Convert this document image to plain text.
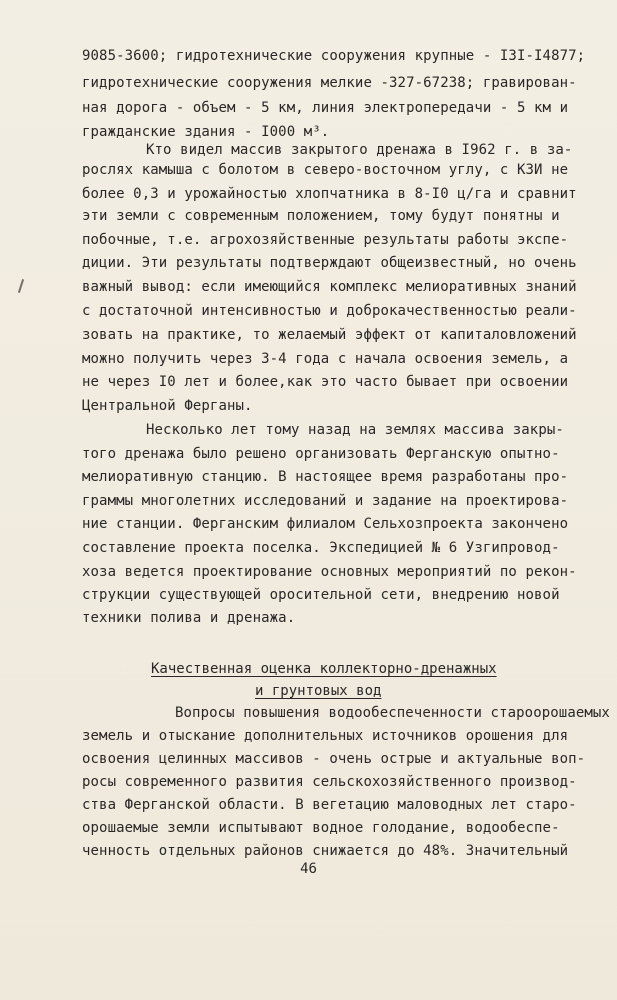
9085-3600; гидротехнические сооружения крупные - I3I-I4877;
гидротехнические сооружения мелкие -327-67238; гравирован-
ная дорога - объем - 5 км, линия электропередачи - 5 км и
гражданские здания - I000 м³.
Кто видел массив закрытого дренажа в I962 г. в за-
рослях камыша с болотом в северо-восточном углу, с КЗИ не
более 0,3 и урожайностью хлопчатника в 8-I0 ц/га и сравнит
эти земли с современным положением, тому будут понятны и
побочные, т.е. агрохозяйственные результаты работы экспе-
диции. Эти результаты подтверждают общеизвестный, но очень
важный вывод: если имеющийся комплекс мелиоративных знаний
с достаточной интенсивностью и доброкачественностью реали-
зовать на практике, то желаемый эффект от капиталовложений
можно получить через 3-4 года с начала освоения земель, а
не через I0 лет и более,как это часто бывает при освоении
Центральной Ферганы.
Несколько лет тому назад на землях массива закры-
того дренажа было решено организовать Ферганскую опытно-
мелиоративную станцию. В настоящее время разработаны про-
граммы многолетних исследований и задание на проектирова-
ние станции. Ферганским филиалом Сельхозпроекта закончено
составление проекта поселка. Экспедицией № 6 Узгипровод-
хоза ведется проектирование основных мероприятий по рекон-
струкции существующей оросительной сети, внедрению новой
техники полива и дренажа.
Качественная оценка коллекторно-дренажных
и грунтовых вод
Вопросы повышения водообеспеченности староорошаемых
земель и отыскание дополнительных источников орошения для
освоения целинных массивов - очень острые и актуальные воп-
росы современного развития сельскохозяйственного производ-
ства Ферганской области. В вегетацию маловодных лет старо-
орошаемые земли испытывают водное голодание, водообеспе-
ченность отдельных районов снижается до 48%. Значительный
46
